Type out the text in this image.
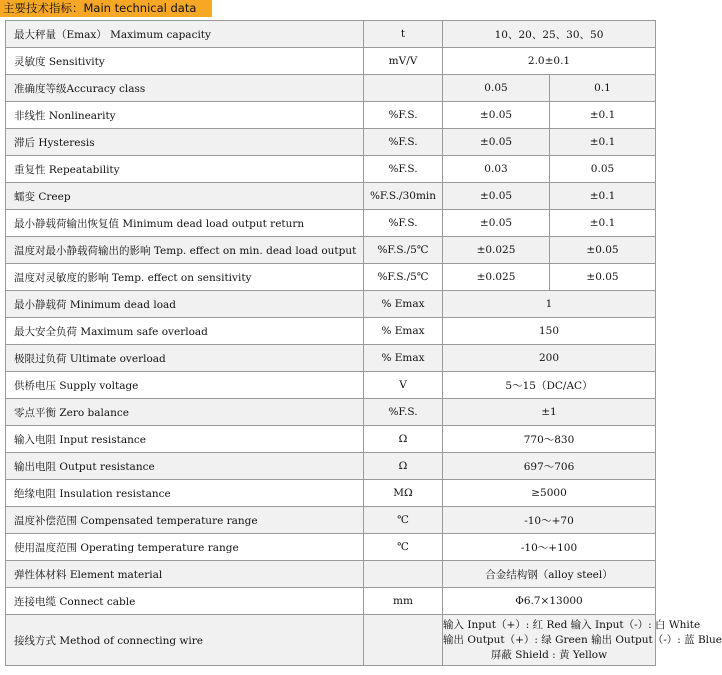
主要技术指标：Main technical data
最大秤量（Emax） Maximum capacity	t	10、20、25、30、50	
灵敏度 Sensitivity	mV/V	2.0±0.1	
准确度等级Accuracy class		0.05	0.1
非线性 Nonlinearity	%F.S.	±0.05	±0.1
滞后 Hysteresis	%F.S.	±0.05	±0.1
重复性 Repeatability	%F.S.	0.03	0.05
蠕变 Creep	%F.S./30min	±0.05	±0.1
最小静载荷输出恢复值 Minimum dead load output return	%F.S.	±0.05	±0.1
温度对最小静载荷输出的影响 Temp. effect on min. dead load output	%F.S./5℃	±0.025	±0.05
温度对灵敏度的影响 Temp. effect on sensitivity	%F.S./5℃	±0.025	±0.05
最小静载荷 Minimum dead load	% Emax	1	
最大安全负荷 Maximum safe overload	% Emax	150	
极限过负荷 Ultimate overload	% Emax	200	
供桥电压 Supply voltage	V	5～15（DC/AC）	
零点平衡 Zero balance	%F.S.	±1	
输入电阻 Input resistance	Ω	770～830	
输出电阻 Output resistance	Ω	697～706	
绝缘电阻 Insulation resistance	MΩ	≥5000	
温度补偿范围 Compensated temperature range	℃	-10～+70	
使用温度范围 Operating temperature range	℃	-10～+100	
弹性体材料 Element material		合金结构钢（alloy steel）	
连接电缆 Connect cable	mm	Φ6.7×13000	
接线方式 Method of connecting wire		输入 Input（+）: 红 Red 输入 Input（-）: 白 White
输出 Output（+）: 绿 Green 输出 Output（-）: 蓝 Blue
屏蔽 Shield : 黄 Yellow	
